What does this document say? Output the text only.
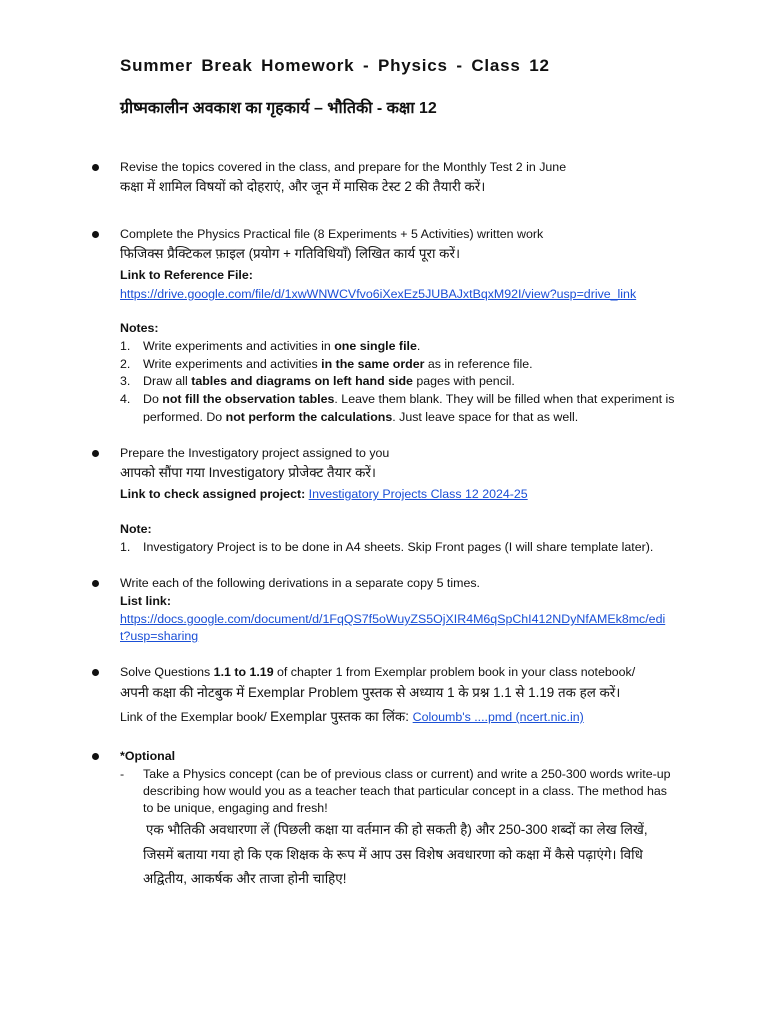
Summer Break Homework - Physics - Class 12
ग्रीष्मकालीन अवकाश का गृहकार्य – भौतिकी - कक्षा 12
Revise the topics covered in the class, and prepare for the Monthly Test 2 in June
कक्षा में शामिल विषयों को दोहराएं, और जून में मासिक टेस्ट 2 की तैयारी करें।
Complete the Physics Practical file (8 Experiments + 5 Activities) written work
फिजिक्स प्रैक्टिकल फ़ाइल (प्रयोग + गतिविधियाँ) लिखित कार्य पूरा करें।
Link to Reference File:
https://drive.google.com/file/d/1xwWNWCVfvo6iXexEz5JUBAJxtBqxM92I/view?usp=drive_link
Notes:
1. Write experiments and activities in one single file.
2. Write experiments and activities in the same order as in reference file.
3. Draw all tables and diagrams on left hand side pages with pencil.
4. Do not fill the observation tables. Leave them blank. They will be filled when that experiment is
performed. Do not perform the calculations. Just leave space for that as well.
Prepare the Investigatory project assigned to you
आपको सौंपा गया Investigatory प्रोजेक्ट तैयार करें।
Link to check assigned project: Investigatory Projects Class 12 2024-25
Note:
1. Investigatory Project is to be done in A4 sheets. Skip Front pages (I will share template later).
Write each of the following derivations in a separate copy 5 times.
List link:
https://docs.google.com/document/d/1FqQS7f5oWuyZS5OjXIR4M6qSpChI412NDyNfAMEk8mc/edi
t?usp=sharing
Solve Questions 1.1 to 1.19 of chapter 1 from Exemplar problem book in your class notebook/
अपनी कक्षा की नोटबुक में Exemplar Problem पुस्तक से अध्याय 1 के प्रश्न 1.1 से 1.19 तक हल करें।
Link of the Exemplar book/ Exemplar पुस्तक का लिंक: Coloumb's ....pmd (ncert.nic.in)
*Optional
- Take a Physics concept (can be of previous class or current) and write a 250-300 words write-up
describing how would you as a teacher teach that particular concept in a class. The method has
to be unique, engaging and fresh!
एक भौतिकी अवधारणा लें (पिछली कक्षा या वर्तमान की हो सकती है) और 250-300 शब्दों का लेख लिखें,
जिसमें बताया गया हो कि एक शिक्षक के रूप में आप उस विशेष अवधारणा को कक्षा में कैसे पढ़ाएंगे। विधि
अद्वितीय, आकर्षक और ताजा होनी चाहिए!
